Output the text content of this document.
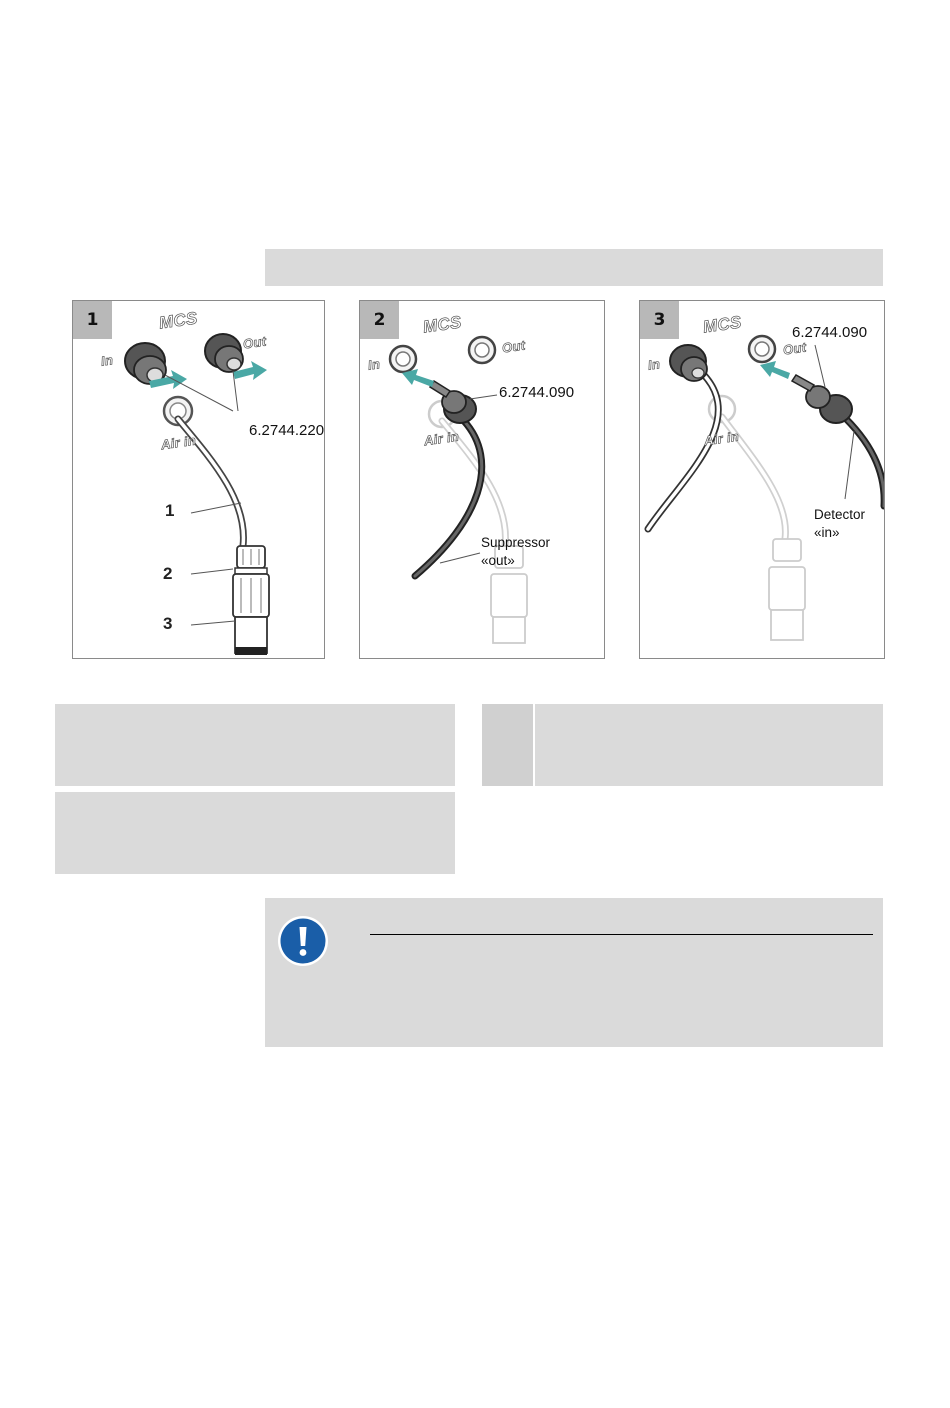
1	MCS
In
Out
Air in
6.2744.220
1
2
3
2	MCS
In
Out
Air in
6.2744.090
Suppressor
«out»
3	MCS
In
Out
Air in
6.2744.090
Detector
«in»
